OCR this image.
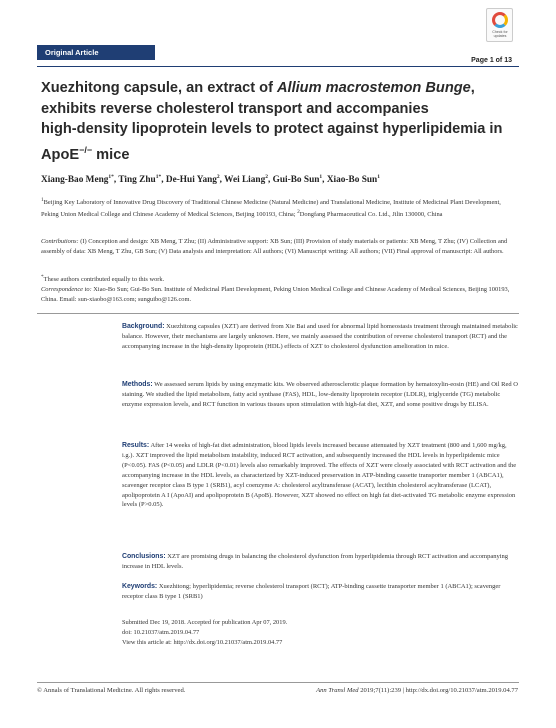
Original Article
Check for updates
Page 1 of 13
Xuezhitong capsule, an extract of Allium macrostemon Bunge,
exhibits reverse cholesterol transport and accompanies
high-density lipoprotein levels to protect against hyperlipidemia in
ApoE−/− mice
Xiang-Bao Meng$^{1*}$, Ting Zhu$^{1*}$, De-Hui Yang$^2$, Wei Liang$^2$, Gui-Bo Sun$^1$, Xiao-Bo Sun$^1$
$^1$Beijing Key Laboratory of Innovative Drug Discovery of Traditional Chinese Medicine (Natural Medicine) and Translational Medicine, Institute of Medicinal Plant Development, Peking Union Medical College and Chinese Academy of Medical Sciences, Beijing 100193, China; $^2$Dongfang Pharmaceutical Co. Ltd., Jilin 130000, China
Contributions: (I) Conception and design: XB Meng, T Zhu; (II) Administrative support: XB Sun; (III) Provision of study materials or patients: XB Meng, T Zhu; (IV) Collection and assembly of data: XB Meng, T Zhu, GB Sun; (V) Data analysis and interpretation: All authors; (VI) Manuscript writing: All authors; (VII) Final approval of manuscript: All authors.
*These authors contributed equally to this work.
Correspondence to: Xiao-Bo Sun; Gui-Bo Sun. Institute of Medicinal Plant Development, Peking Union Medical College and Chinese Academy of Medical Sciences, Beijing 100193, China. Email: sun-xiaobo@163.com; sunguibo@126.com.
Background: Xuezhitong capsules (XZT) are derived from Xie Bai and used for abnormal lipid homeostasis treatment through maintained metabolic balance. However, their mechanisms are largely unknown. Here, we mainly assessed the contribution of reverse cholesterol transport (RCT) and the accompanying increase in the high-density lipoprotein (HDL) effects of XZT to cholesterol dysfunction amelioration in mice.
Methods: We assessed serum lipids by using enzymatic kits. We observed atherosclerotic plaque formation by hematoxylin-eosin (HE) and Oil Red O staining. We studied the lipid metabolism, fatty acid synthase (FAS), HDL, low-density lipoprotein receptor (LDLR), triglyceride (TG) metabolic enzyme expression levels, and RCT function in various tissues upon stimulation with high-fat diet, XZT, and some positive drugs by ELISA.
Results: After 14 weeks of high-fat diet administration, blood lipids levels increased because attenuated by XZT treatment (800 and 1,600 mg/kg, i.g.). XZT improved the lipid metabolism instability, induced RCT activation, and subsequently increased the HDL levels in hyperlipidemic mice (P<0.05). FAS (P<0.05) and LDLR (P<0.01) levels also remarkably improved. The effects of XZT were closely associated with RCT activation and the accompanying increase in the HDL levels, as characterized by XZT-induced preservation in ATP-binding cassette transporter member 1 (ABCA1), scavenger receptor class B type 1 (SRB1), acyl coenzyme A: cholesterol acyltransferase (ACAT), lecithin cholesterol acyltransferase (LCAT), apolipoprotein A I (ApoAI) and apolipoprotein B (ApoB). However, XZT showed no effect on high fat diet-activated TG metabolic enzyme expression levels (P>0.05).
Conclusions: XZT are promising drugs in balancing the cholesterol dysfunction from hyperlipidemia through RCT activation and accompanying increase in HDL levels.
Keywords: Xuezhitong; hyperlipidemia; reverse cholesterol transport (RCT); ATP-binding cassette transporter member 1 (ABCA1); scavenger receptor class B type 1 (SRB1)
Submitted Dec 19, 2018. Accepted for publication Apr 07, 2019.
doi: 10.21037/atm.2019.04.77
View this article at: http://dx.doi.org/10.21037/atm.2019.04.77
© Annals of Translational Medicine. All rights reserved.	Ann Transl Med 2019;7(11):239 | http://dx.doi.org/10.21037/atm.2019.04.77
